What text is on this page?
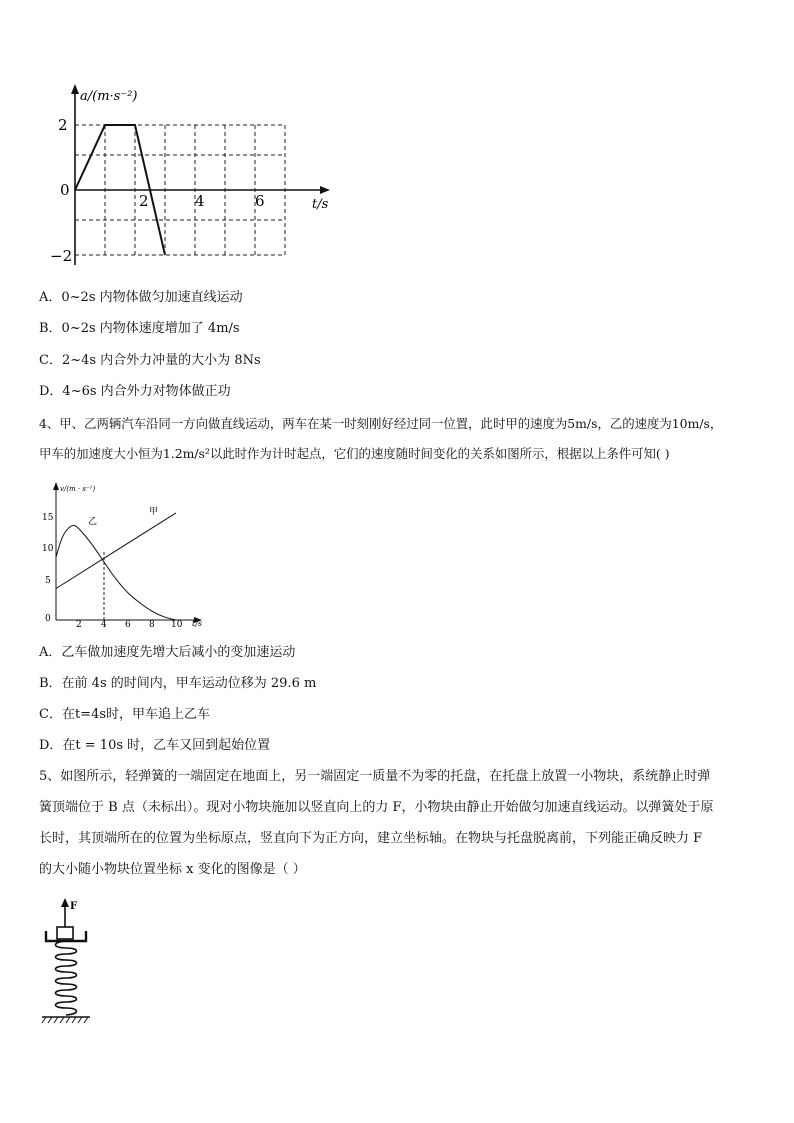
a/(m·s⁻²)
t/s
2
0
−2
2	4	6
A．0~2s 内物体做匀加速直线运动
B．0~2s 内物体速度增加了 4m/s
C．2~4s 内合外力冲量的大小为 8Ns
D．4~6s 内合外力对物体做正功
4、甲、乙两辆汽车沿同一方向做直线运动，两车在某一时刻刚好经过同一位置，此时甲的速度为5m/s，乙的速度为10m/s，
甲车的加速度大小恒为1.2m/s²以此时作为计时起点，它们的速度随时间变化的关系如图所示，根据以上条件可知( )
v/(m · s⁻¹)
t/s
15
10
5
0
2 4 6 8 10
甲
乙
A．乙车做加速度先增大后减小的变加速运动
B．在前 4s 的时间内，甲车运动位移为 29.6 m
C．在t=4s时，甲车追上乙车
D．在t = 10s 时，乙车又回到起始位置
5、如图所示，轻弹簧的一端固定在地面上，另一端固定一质量不为零的托盘，在托盘上放置一小物块，系统静止时弹
簧顶端位于 B 点（未标出）。现对小物块施加以竖直向上的力 F，小物块由静止开始做匀加速直线运动。以弹簧处于原
长时，其顶端所在的位置为坐标原点，竖直向下为正方向，建立坐标轴。在物块与托盘脱离前，下列能正确反映力 F
的大小随小物块位置坐标 x 变化的图像是（ ）
F
